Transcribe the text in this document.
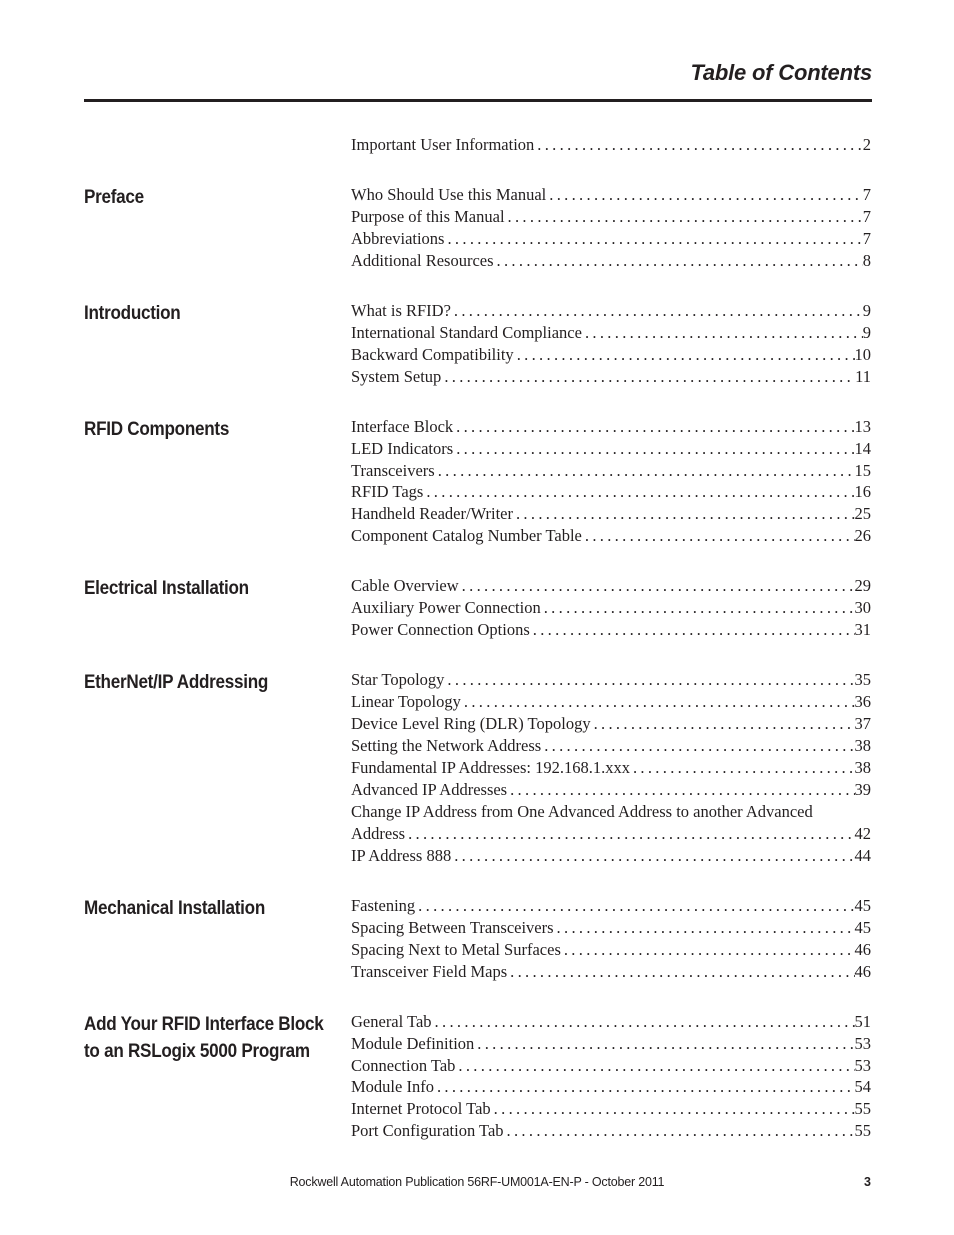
Table of Contents
Important User Information . . .	2
Preface	Who Should Use this Manual . . .	7
Purpose of this Manual . . .	7
Abbreviations . . .	7
Additional Resources . . .	8
Introduction	What is RFID? . . .	9
International Standard Compliance . . .	9
Backward Compatibility . . .	10
System Setup . . .	11
RFID Components	Interface Block . . .	13
LED Indicators . . .	14
Transceivers . . .	15
RFID Tags . . .	16
Handheld Reader/Writer . . .	25
Component Catalog Number Table . . .	26
Electrical Installation	Cable Overview . . .	29
Auxiliary Power Connection . . .	30
Power Connection Options . . .	31
EtherNet/IP Addressing	Star Topology . . .	35
Linear Topology . . .	36
Device Level Ring (DLR) Topology . . .	37
Setting the Network Address . . .	38
Fundamental IP Addresses: 192.168.1.xxx . . .	38
Advanced IP Addresses . . .	39
Change IP Address from One Advanced Address to another Advanced
Address . . .	42
IP Address 888 . . .	44
Mechanical Installation	Fastening . . .	45
Spacing Between Transceivers . . .	45
Spacing Next to Metal Surfaces . . .	46
Transceiver Field Maps . . .	46
Add Your RFID Interface Block
to an RSLogix 5000 Program
General Tab . . .	51
Module Definition . . .	53
Connection Tab . . .	53
Module Info . . .	54
Internet Protocol Tab . . .	55
Port Configuration Tab . . .	55
Rockwell Automation Publication 56RF-UM001A-EN-P - October 2011	3
